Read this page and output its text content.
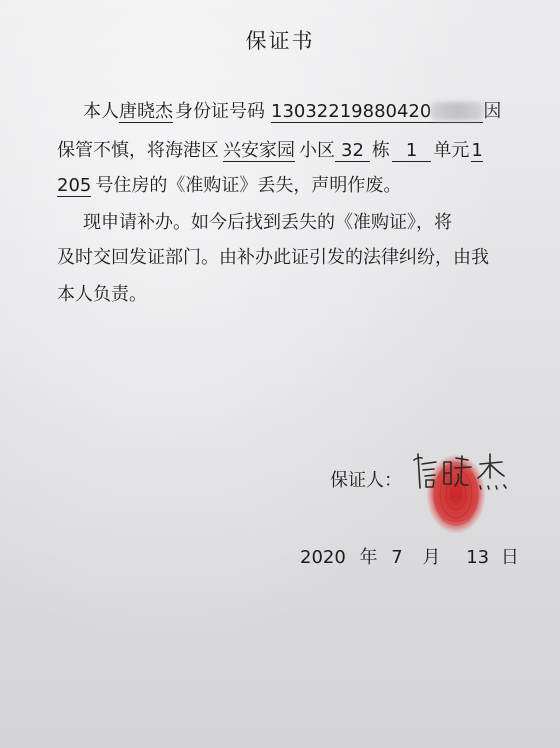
保证书
本人唐晓杰 身份证号码 13032219880420	因
保管不慎，将海港区 兴安家园 小区 32 栋 1 单元 1
205 号住房的《准购证》丢失，声明作废。
现申请补办。如今后找到丢失的《准购证》，将
及时交回发证部门。由补办此证引发的法律纠纷，由我
本人负责。
保证人：
2020 年 7 月 13 日
